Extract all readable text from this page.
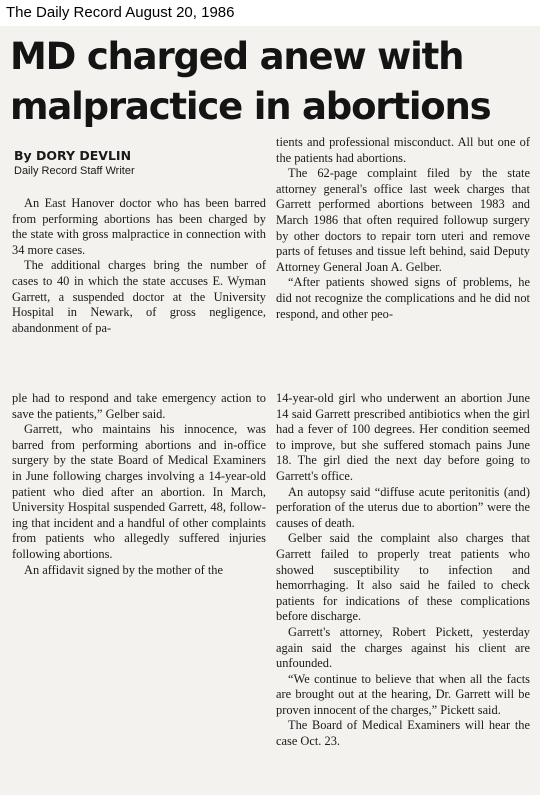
The Daily Record August 20, 1986
MD charged anew with malpractice in abortions
By DORY DEVLIN
Daily Record Staff Writer

An East Hanover doctor who has been barred from performing abortions has been charged by the state with gross malpractice in connection with 34 more cases.

The additional charges bring the number of cases to 40 in which the state accuses E. Wyman Garrett, a suspended doctor at the University Hospital in Newark, of gross negligence, abandonment of pa-

tients and professional misconduct. All but one of the patients had abortions.

The 62-page complaint filed by the state attorney general's office last week charges that Garrett performed abortions between 1983 and March 1986 that often required followup surgery by other doctors to repair torn uteri and remove parts of fetuses and tissue left behind, said Deputy Attorney General Joan A. Gelber.

“After patients showed signs of problems, he did not recognize the complications and he did not respond, and other peo-

ple had to respond and take emergency action to save the patients,” Gelber said.

Garrett, who maintains his innocence, was barred from performing abortions and in-office surgery by the state Board of Medical Examiners in June following charges involving a 14-year-old patient who died after an abortion. In March, University Hospital suspended Garrett, 48, following that incident and a handful of other complaints from patients who allegedly suffered injuries following abortions.

An affidavit signed by the mother of the

14-year-old girl who underwent an abortion June 14 said Garrett prescribed antibiotics when the girl had a fever of 100 degrees. Her condition seemed to improve, but she suffered stomach pains June 18. The girl died the next day before going to Garrett's office.

An autopsy said “diffuse acute peritonitis (and) perforation of the uterus due to abortion” were the causes of death.

Gelber said the complaint also charges that Garrett failed to properly treat patients who showed susceptibility to infection and hemorrhaging. It also said he failed to check patients for indications of these complications before discharge.

Garrett's attorney, Robert Pickett, yesterday again said the charges against his client are unfounded.

“We continue to believe that when all the facts are brought out at the hearing, Dr. Garrett will be proven innocent of the charges,” Pickett said.

The Board of Medical Examiners will hear the case Oct. 23.
